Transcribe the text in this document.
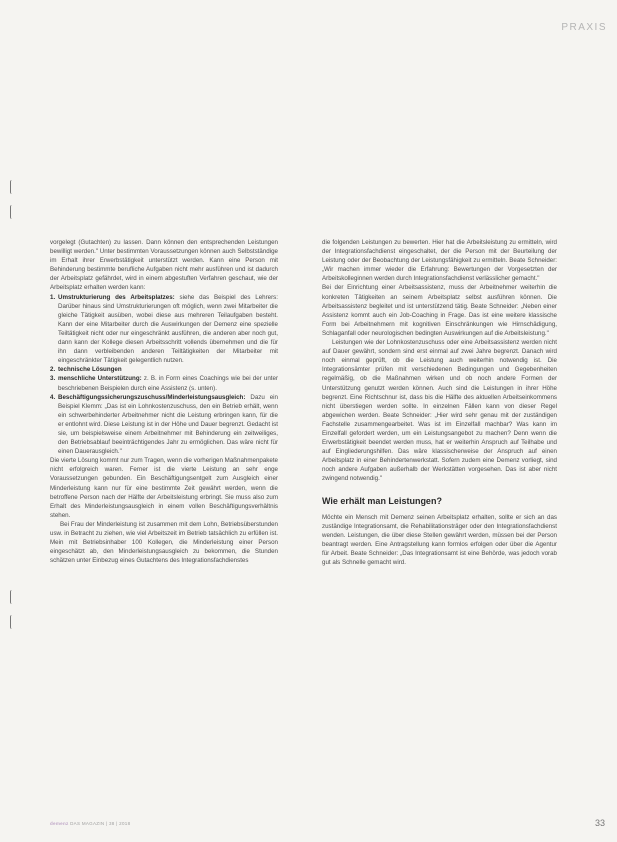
PRAXIS

vorgelegt (Gutachten) zu lassen. Dann können den entsprechenden Leistungen bewilligt werden." Unter bestimmten Voraussetzungen können auch Selbstständige im Erhalt ihrer Erwerbstätigkeit unterstützt werden. Kann eine Person mit Behinderung bestimmte berufliche Aufgaben nicht mehr ausführen und ist dadurch der Arbeitsplatz gefährdet, wird in einem abgestuften Verfahren geschaut, wie der Arbeitsplatz erhalten werden kann:

1. Umstrukturierung des Arbeitsplatzes: siehe das Beispiel des Lehrers: Darüber hinaus sind Umstrukturierungen oft möglich, wenn zwei Mitarbeiter die gleiche Tätigkeit ausüben, wobei diese aus mehreren Teilaufgaben besteht. Kann der eine Mitarbeiter durch die Auswirkungen der Demenz eine spezielle Teiltätigkeit nicht oder nur eingeschränkt ausführen, die anderen aber noch gut, dann kann der Kollege diesen Arbeitsschritt vollends übernehmen und die für ihn dann verbleibenden anderen Teiltätigkeiten der Mitarbeiter mit eingeschränkter Tätigkeit gelegentlich nutzen.
2. technische Lösungen
3. menschliche Unterstützung: z. B. in Form eines Coachings wie bei der unter beschriebenen Beispielen durch eine Assistenz (s. unten).
4. Beschäftigungssicherungszuschuss/Minderleistungsausgleich: Dazu ein Beispiel Klemm: „Das ist ein Lohnkostenzuschuss, den ein Betrieb erhält, wenn ein schwerbehinderter Arbeitnehmer nicht die Leistung erbringen kann, für die er entlohnt wird. Diese Leistung ist in der Höhe und Dauer begrenzt. Gedacht ist sie, um beispielsweise einem Arbeitnehmer mit Behinderung ein zeitweiliges, den Betriebsablauf beeinträchtigendes Jahr zu ermöglichen. Das wäre nicht für einen Dauerausgleich."

Die vierte Lösung kommt nur zum Tragen, wenn die vorherigen Maßnahmenpakete nicht erfolgreich waren. Ferner ist die vierte Leistung an sehr enge Voraussetzungen gebunden. Ein Beschäftigungsentgelt zum Ausgleich einer Minderleistung kann nur für eine bestimmte Zeit gewährt werden, wenn die betroffene Person nach der Hälfte der Arbeitsleistung erbringt. Sie muss also zum Erhalt des Minderleistungsausgleich in einem vollen Beschäftigungsverhältnis stehen.

Bei Frau der Minderleistung ist zusammen mit dem Lohn, Betriebsüberstunden usw. in Betracht zu ziehen, wie viel Arbeitszeit im Betrieb tatsächlich zu erfüllen ist. Mein mit Betriebsinhaber 100 Kollegen, die Minderleistung einer Person eingeschätzt ab, den Minderleistungsausgleich zu bekommen, die Stunden schätzen unter Einbezug eines Gutachtens des Integrationsfachdienstes

die folgenden Leistungen zu bewerten. Hier hat die Arbeitsleistung zu ermitteln, wird der Integrationsfachdienst eingeschaltet, der die Person mit der Beurteilung der Leistung oder der Beobachtung der Leistungsfähigkeit zu ermitteln. Beate Schneider: „Wir machen immer wieder die Erfahrung: Bewertungen der Vorgesetzten der Arbeitskolleginnen werden durch Integrationsfachdienst verlässlicher gemacht."

Bei der Einrichtung einer Arbeitsassistenz, muss der Arbeitnehmer weiterhin die konkreten Tätigkeiten an seinem Arbeitsplatz selbst ausführen können. Die Arbeitsassistenz begleitet und ist unterstützend tätig. Beate Schneider: „Neben einer Assistenz kommt auch ein Job-Coaching in Frage. Das ist eine weitere klassische Form bei Arbeitnehmern mit kognitiven Einschränkungen wie Hirnschädigung, Schlaganfall oder neurologischen bedingten Auswirkungen auf die Arbeitsleistung."

Leistungen wie der Lohnkostenzuschuss oder eine Arbeitsassistenz werden nicht auf Dauer gewährt, sondern sind erst einmal auf zwei Jahre begrenzt. Danach wird noch einmal geprüft, ob die Leistung auch weiterhin notwendig ist. Die Integrationsämter prüfen mit verschiedenen Bedingungen und Gegebenheiten regelmäßig, ob die Maßnahmen wirken und ob noch andere Formen der Unterstützung genutzt werden können. Auch sind die Leistungen in ihrer Höhe begrenzt. Eine Richtschnur ist, dass bis die Hälfte des aktuellen Arbeitseinkommens nicht überstiegen werden sollte. In einzelnen Fällen kann von dieser Regel abgewichen werden. Beate Schneider: „Hier wird sehr genau mit der zuständigen Fachstelle zusammengearbeitet. Was ist im Einzelfall machbar? Was kann im Einzelfall gefordert werden, um ein Leistungsangebot zu machen? Denn wenn die Erwerbstätigkeit beendet werden muss, hat er weiterhin Anspruch auf Teilhabe und auf Eingliederungshilfen. Das wäre klassischerweise der Anspruch auf einen Arbeitsplatz in einer Behindertenwerkstatt. Sofern zudem eine Demenz vorliegt, sind noch andere Aufgaben außerhalb der Werkstätten vorgesehen. Das ist aber nicht zwingend notwendig."

Wie erhält man Leistungen?

Möchte ein Mensch mit Demenz seinen Arbeitsplatz erhalten, sollte er sich an das zuständige Integrationsamt, die Rehabilitationsträger oder den Integrationsfachdienst wenden. Leistungen, die über diese Stellen gewährt werden, müssen bei der Person beantragt werden. Eine Antragstellung kann formlos erfolgen oder über die Agentur für Arbeit. Beate Schneider: „Das Integrationsamt ist eine Behörde, was jedoch vorab gut als Schnelle gemacht wird.

demenz DAS MAGAZIN | 38 | 2018	33
